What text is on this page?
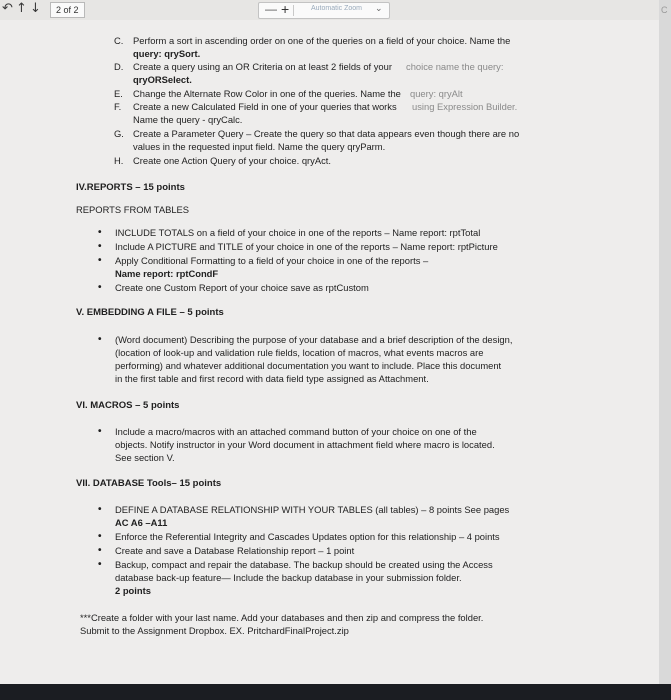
↶ ↑ ↓	2 of 2	— +	Automatic Zoom ⌄	C
C. Perform a sort in ascending order on one of the queries on a field of your choice. Name the
query: qrySort.
D. Create a query using an OR Criteria on at least 2 fields of your choice name the query:
qryORSelect.
E. Change the Alternate Row Color in one of the queries. Name the query: qryAlt
F. Create a new Calculated Field in one of your queries that works using Expression Builder.
Name the query - qryCalc.
G. Create a Parameter Query – Create the query so that data appears even though there are no
values in the requested input field. Name the query qryParm.
H. Create one Action Query of your choice. qryAct.
IV.REPORTS – 15 points
REPORTS FROM TABLES
• INCLUDE TOTALS on a field of your choice in one of the reports – Name report: rptTotal
• Include A PICTURE and TITLE of your choice in one of the reports – Name report: rptPicture
• Apply Conditional Formatting to a field of your choice in one of the reports –
Name report: rptCondF
• Create one Custom Report of your choice save as rptCustom
V. EMBEDDING A FILE – 5 points
• (Word document) Describing the purpose of your database and a brief description of the design,
(location of look-up and validation rule fields, location of macros, what events macros are
performing) and whatever additional documentation you want to include. Place this document
in the first table and first record with data field type assigned as Attachment.
VI. MACROS – 5 points
• Include a macro/macros with an attached command button of your choice on one of the
objects. Notify instructor in your Word document in attachment field where macro is located.
See section V.
VII. DATABASE Tools– 15 points
• DEFINE A DATABASE RELATIONSHIP WITH YOUR TABLES (all tables) – 8 points See pages
AC A6 –A11
• Enforce the Referential Integrity and Cascades Updates option for this relationship – 4 points
• Create and save a Database Relationship report – 1 point
• Backup, compact and repair the database. The backup should be created using the Access
database back-up feature— Include the backup database in your submission folder.
2 points
***Create a folder with your last name. Add your databases and then zip and compress the folder.
Submit to the Assignment Dropbox. EX. PritchardFinalProject.zip
